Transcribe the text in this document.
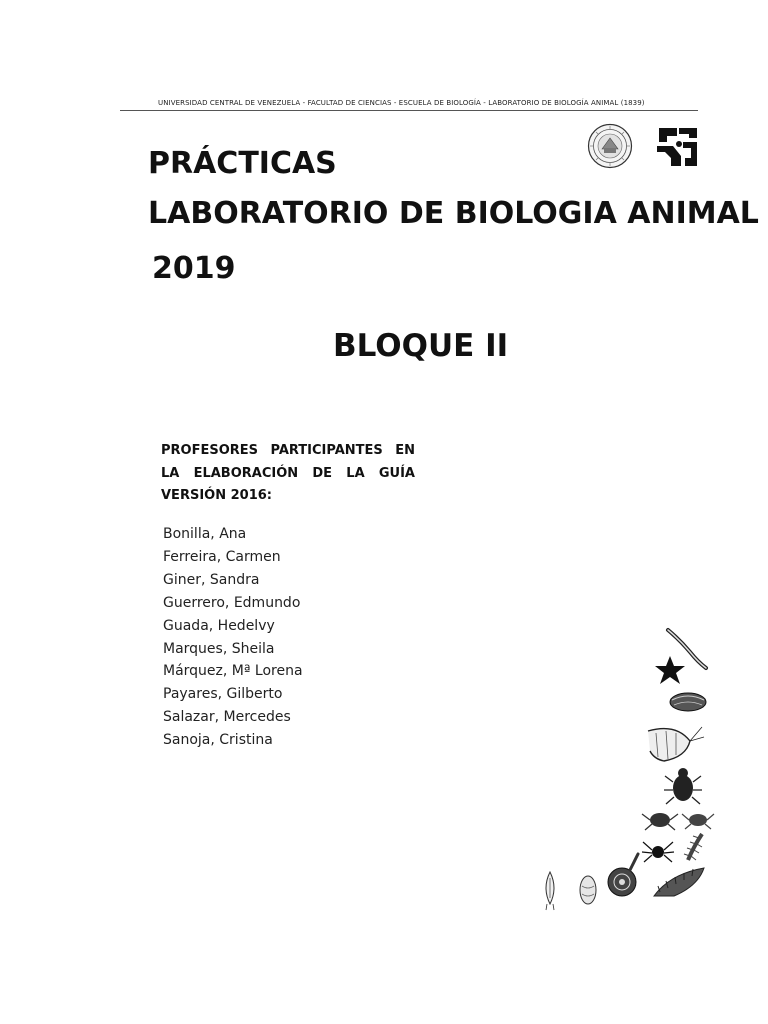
UNIVERSIDAD CENTRAL DE VENEZUELA - FACULTAD DE CIENCIAS - ESCUELA DE BIOLOGÍA - LABORATORIO DE BIOLOGÍA ANIMAL (1839)
PRÁCTICAS
LABORATORIO DE BIOLOGIA ANIMAL
2019
BLOQUE II
PROFESORES PARTICIPANTES EN
LA ELABORACIÓN DE LA GUÍA
VERSIÓN 2016:
Bonilla, Ana
Ferreira, Carmen
Giner, Sandra
Guerrero, Edmundo
Guada, Hedelvy
Marques, Sheila
Márquez, Mª Lorena
Payares, Gilberto
Salazar, Mercedes
Sanoja, Cristina
